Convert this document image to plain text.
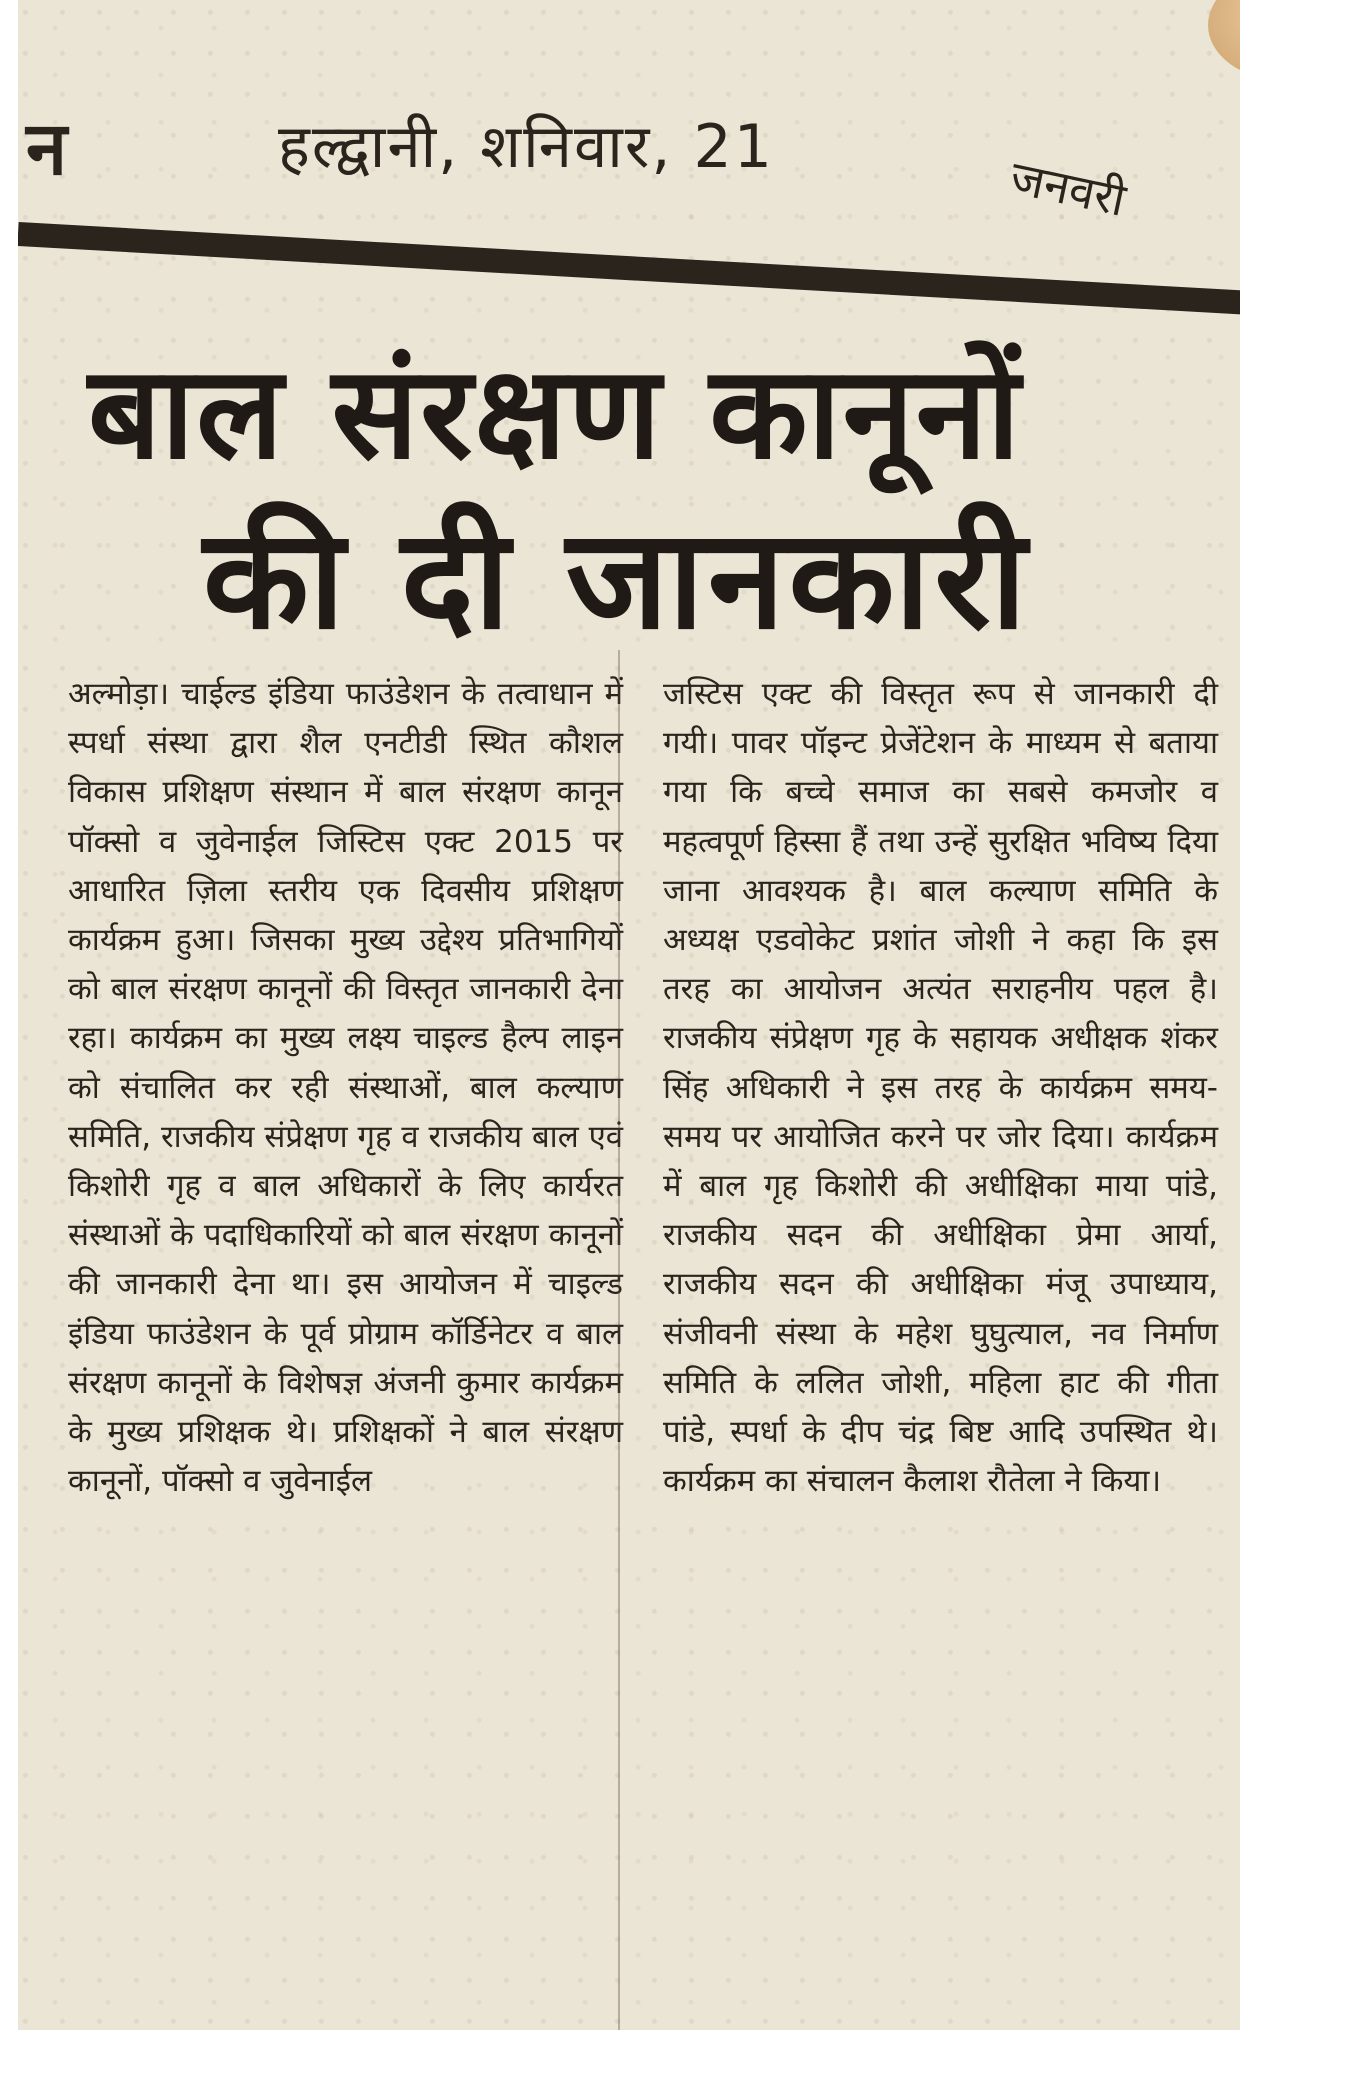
न	हल्द्वानी, शनिवार, 21
जनवरी
बाल संरक्षण कानूनों
की दी जानकारी
अल्मोड़ा। चाईल्ड इंडिया फाउंडेशन के तत्वाधान में स्पर्धा संस्था द्वारा शैल एनटीडी स्थित कौशल विकास प्रशिक्षण संस्थान में बाल संरक्षण कानून पॉक्सो व जुवेनाईल जिस्टिस एक्ट 2015 पर आधारित ज़िला स्तरीय एक दिवसीय प्रशिक्षण कार्यक्रम हुआ। जिसका मुख्य उद्देश्य प्रतिभागियों को बाल संरक्षण कानूनों की विस्तृत जानकारी देना रहा। कार्यक्रम का मुख्य लक्ष्य चाइल्ड हैल्प लाइन को संचालित कर रही संस्थाओं, बाल कल्याण समिति, राजकीय संप्रेक्षण गृह व राजकीय बाल एवं किशोरी गृह व बाल अधिकारों के लिए कार्यरत संस्थाओं के पदाधिकारियों को बाल संरक्षण कानूनों की जानकारी देना था। इस आयोजन में चाइल्ड इंडिया फाउंडेशन के पूर्व प्रोग्राम कॉर्डिनेटर व बाल संरक्षण कानूनों के विशेषज्ञ अंजनी कुमार कार्यक्रम के मुख्य प्रशिक्षक थे। प्रशिक्षकों ने बाल संरक्षण कानूनों, पॉक्सो व जुवेनाईल
जस्टिस एक्ट की विस्तृत रूप से जानकारी दी गयी। पावर पॉइन्ट प्रेजेंटेशन के माध्यम से बताया गया कि बच्चे समाज का सबसे कमजोर व महत्वपूर्ण हिस्सा हैं तथा उन्हें सुरक्षित भविष्य दिया जाना आवश्यक है। बाल कल्याण समिति के अध्यक्ष एडवोकेट प्रशांत जोशी ने कहा कि इस तरह का आयोजन अत्यंत सराहनीय पहल है। राजकीय संप्रेक्षण गृह के सहायक अधीक्षक शंकर सिंह अधिकारी ने इस तरह के कार्यक्रम समय-समय पर आयोजित करने पर जोर दिया। कार्यक्रम में बाल गृह किशोरी की अधीक्षिका माया पांडे, राजकीय सदन की अधीक्षिका प्रेमा आर्या, राजकीय सदन की अधीक्षिका मंजू उपाध्याय, संजीवनी संस्था के महेश घुघुत्याल, नव निर्माण समिति के ललित जोशी, महिला हाट की गीता पांडे, स्पर्धा के दीप चंद्र बिष्ट आदि उपस्थित थे। कार्यक्रम का संचालन कैलाश रौतेला ने किया।
